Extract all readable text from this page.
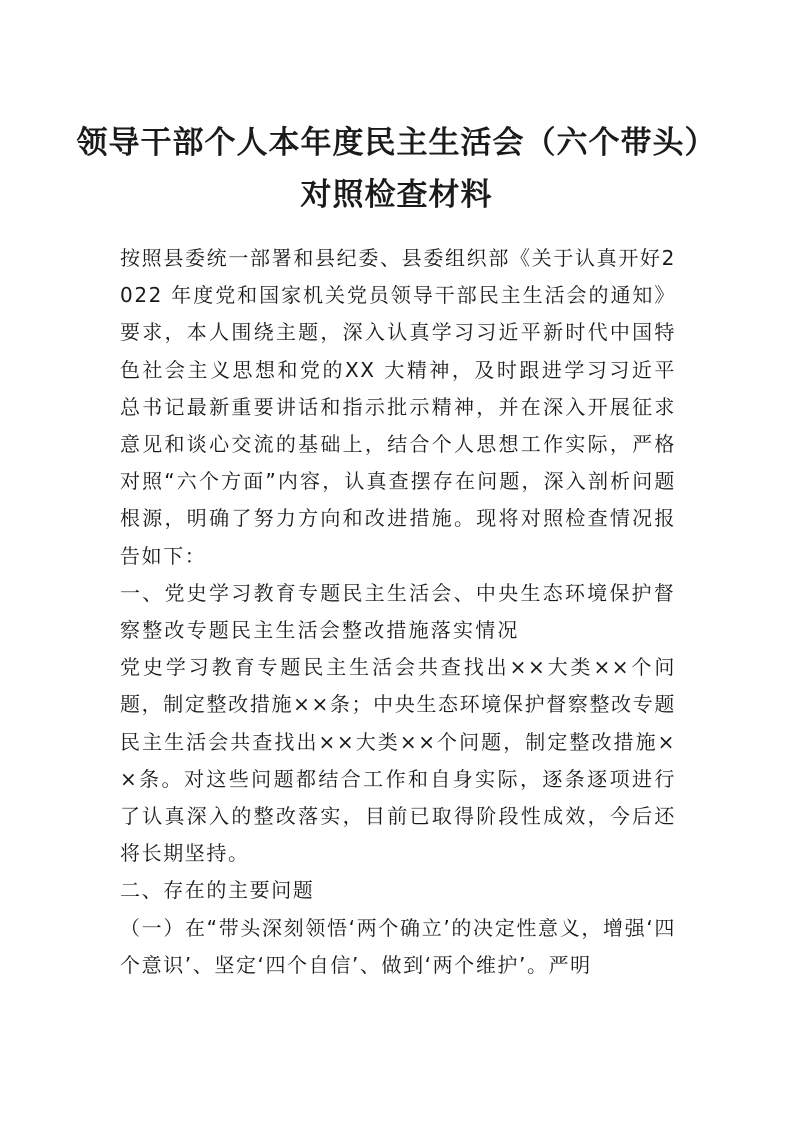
领导干部个人本年度民主生活会（六个带头）
对照检查材料

按照县委统一部署和县纪委、县委组织部《关于认真开好2022 年度党和国家机关党员领导干部民主生活会的通知》要求，本人围绕主题，深入认真学习习近平新时代中国特色社会主义思想和党的XX 大精神，及时跟进学习习近平总书记最新重要讲话和指示批示精神，并在深入开展征求意见和谈心交流的基础上，结合个人思想工作实际，严格对照“六个方面”内容，认真查摆存在问题，深入剖析问题根源，明确了努力方向和改进措施。现将对照检查情况报告如下：

一、党史学习教育专题民主生活会、中央生态环境保护督察整改专题民主生活会整改措施落实情况

党史学习教育专题民主生活会共查找出××大类××个问题，制定整改措施××条；中央生态环境保护督察整改专题民主生活会共查找出××大类××个问题，制定整改措施××条。对这些问题都结合工作和自身实际，逐条逐项进行了认真深入的整改落实，目前已取得阶段性成效，今后还将长期坚持。

二、存在的主要问题

（一）在“带头深刻领悟‘两个确立’的决定性意义，增强‘四个意识’、坚定‘四个自信’、做到‘两个维护’。严明
